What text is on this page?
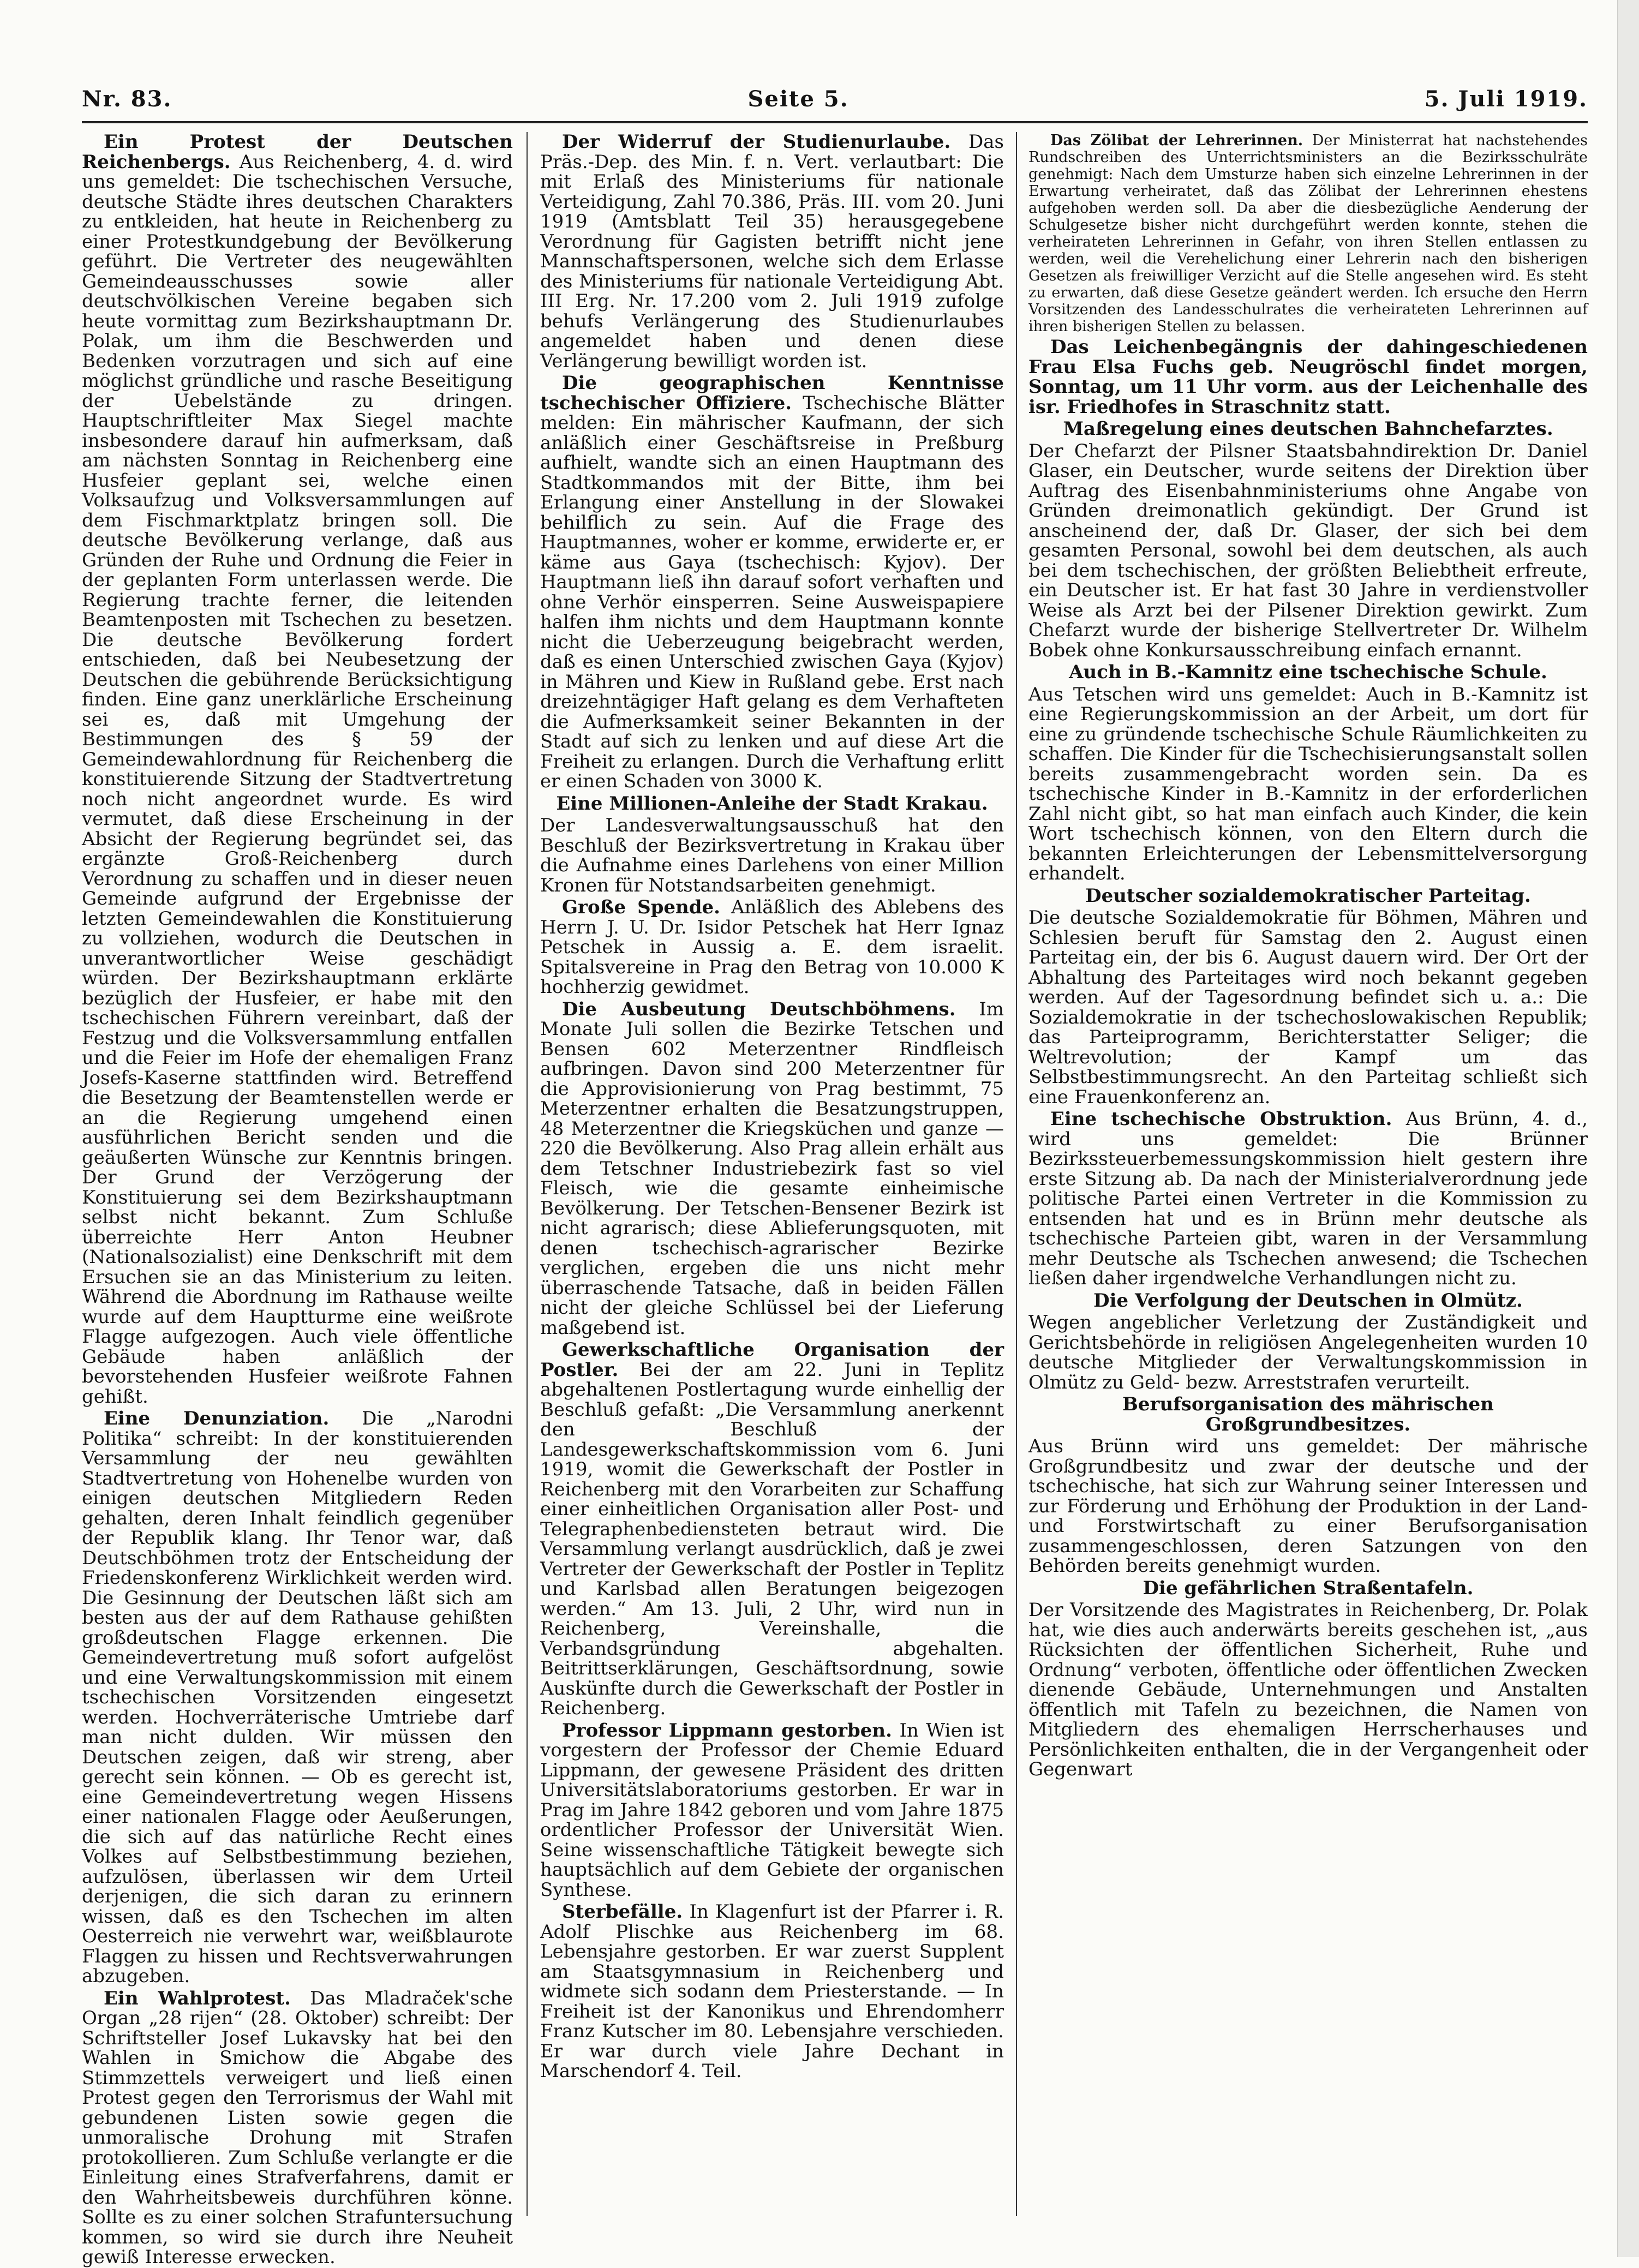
Nr. 83.	Seite 5.	5. Juli 1919.

Ein Protest der Deutschen Reichenbergs. Aus Reichenberg, 4. d. wird uns gemeldet: Die tschechischen Versuche, deutsche Städte ihres deutschen Charakters zu entkleiden, hat heute in Reichenberg zu einer Protestkundgebung der Bevölkerung geführt. Die Vertreter des neugewählten Gemeindeausschusses sowie aller deutschvölkischen Vereine begaben sich heute vormittag zum Bezirkshauptmann Dr. Polak, um ihm die Beschwerden und Bedenken vorzutragen und sich auf eine möglichst gründliche und rasche Beseitigung der Uebelstände zu dringen. Hauptschriftleiter Max Siegel machte insbesondere darauf hin aufmerksam, daß am nächsten Sonntag in Reichenberg eine Husfeier geplant sei, welche einen Volksaufzug und Volksversammlungen auf dem Fischmarktplatz bringen soll. Die deutsche Bevölkerung verlange, daß aus Gründen der Ruhe und Ordnung die Feier in der geplanten Form unterlassen werde. Die Regierung trachte ferner, die leitenden Beamtenposten mit Tschechen zu besetzen. Die deutsche Bevölkerung fordert entschieden, daß bei Neubesetzung der Deutschen die gebührende Berücksichtigung finden. Eine ganz unerklärliche Erscheinung sei es, daß mit Umgehung der Bestimmungen des § 59 der Gemeindewahlordnung für Reichenberg die konstituierende Sitzung der Stadtvertretung noch nicht angeordnet wurde. Es wird vermutet, daß diese Erscheinung in der Absicht der Regierung begründet sei, das ergänzte Groß-Reichenberg durch Verordnung zu schaffen und in dieser neuen Gemeinde aufgrund der Ergebnisse der letzten Gemeindewahlen die Konstituierung zu vollziehen, wodurch die Deutschen in unverantwortlicher Weise geschädigt würden. Der Bezirkshauptmann erklärte bezüglich der Husfeier, er habe mit den tschechischen Führern vereinbart, daß der Festzug und die Volksversammlung entfallen und die Feier im Hofe der ehemaligen Franz Josefs-Kaserne stattfinden wird. Betreffend die Besetzung der Beamtenstellen werde er an die Regierung umgehend einen ausführlichen Bericht senden und die geäußerten Wünsche zur Kenntnis bringen. Der Grund der Verzögerung der Konstituierung sei dem Bezirkshauptmann selbst nicht bekannt. Zum Schluße überreichte Herr Anton Heubner (Nationalsozialist) eine Denkschrift mit dem Ersuchen sie an das Ministerium zu leiten. Während die Abordnung im Rathause weilte wurde auf dem Hauptturme eine weißrote Flagge aufgezogen. Auch viele öffentliche Gebäude haben anläßlich der bevorstehenden Husfeier weißrote Fahnen gehißt.

Eine Denunziation. Die „Narodni Politika“ schreibt: In der konstituierenden Versammlung der neu gewählten Stadtvertretung von Hohenelbe wurden von einigen deutschen Mitgliedern Reden gehalten, deren Inhalt feindlich gegenüber der Republik klang. Ihr Tenor war, daß Deutschböhmen trotz der Entscheidung der Friedenskonferenz Wirklichkeit werden wird. Die Gesinnung der Deutschen läßt sich am besten aus der auf dem Rathause gehißten großdeutschen Flagge erkennen. Die Gemeindevertretung muß sofort aufgelöst und eine Verwaltungskommission mit einem tschechischen Vorsitzenden eingesetzt werden. Hochverräterische Umtriebe darf man nicht dulden. Wir müssen den Deutschen zeigen, daß wir streng, aber gerecht sein können. — Ob es gerecht ist, eine Gemeindevertretung wegen Hissens einer nationalen Flagge oder Aeußerungen, die sich auf das natürliche Recht eines Volkes auf Selbstbestimmung beziehen, aufzulösen, überlassen wir dem Urteil derjenigen, die sich daran zu erinnern wissen, daß es den Tschechen im alten Oesterreich nie verwehrt war, weißblaurote Flaggen zu hissen und Rechtsverwahrungen abzugeben.

Ein Wahlprotest. Das Mladraček'sche Organ „28 rijen“ (28. Oktober) schreibt: Der Schriftsteller Josef Lukavsky hat bei den Wahlen in Smichow die Abgabe des Stimmzettels verweigert und ließ einen Protest gegen den Terrorismus der Wahl mit gebundenen Listen sowie gegen die unmoralische Drohung mit Strafen protokollieren. Zum Schluße verlangte er die Einleitung eines Strafverfahrens, damit er den Wahrheitsbeweis durchführen könne. Sollte es zu einer solchen Strafuntersuchung kommen, so wird sie durch ihre Neuheit gewiß Interesse erwecken.

Der Widerruf der Studienurlaube. Das Präs.-Dep. des Min. f. n. Vert. verlautbart: Die mit Erlaß des Ministeriums für nationale Verteidigung, Zahl 70.386, Präs. III. vom 20. Juni 1919 (Amtsblatt Teil 35) herausgegebene Verordnung für Gagisten betrifft nicht jene Mannschaftspersonen, welche sich dem Erlasse des Ministeriums für nationale Verteidigung Abt. III Erg. Nr. 17.200 vom 2. Juli 1919 zufolge behufs Verlängerung des Studienurlaubes angemeldet haben und denen diese Verlängerung bewilligt worden ist.

Die geographischen Kenntnisse tschechischer Offiziere. Tschechische Blätter melden: Ein mährischer Kaufmann, der sich anläßlich einer Geschäftsreise in Preßburg aufhielt, wandte sich an einen Hauptmann des Stadtkommandos mit der Bitte, ihm bei Erlangung einer Anstellung in der Slowakei behilflich zu sein. Auf die Frage des Hauptmannes, woher er komme, erwiderte er, er käme aus Gaya (tschechisch: Kyjov). Der Hauptmann ließ ihn darauf sofort verhaften und ohne Verhör einsperren. Seine Ausweispapiere halfen ihm nichts und dem Hauptmann konnte nicht die Ueberzeugung beigebracht werden, daß es einen Unterschied zwischen Gaya (Kyjov) in Mähren und Kiew in Rußland gebe. Erst nach dreizehntägiger Haft gelang es dem Verhafteten die Aufmerksamkeit seiner Bekannten in der Stadt auf sich zu lenken und auf diese Art die Freiheit zu erlangen. Durch die Verhaftung erlitt er einen Schaden von 3000 K.

Eine Millionen-Anleihe der Stadt Krakau.

Der Landesverwaltungsausschuß hat den Beschluß der Bezirksvertretung in Krakau über die Aufnahme eines Darlehens von einer Million Kronen für Notstandsarbeiten genehmigt.

Große Spende. Anläßlich des Ablebens des Herrn J. U. Dr. Isidor Petschek hat Herr Ignaz Petschek in Aussig a. E. dem israelit. Spitalsvereine in Prag den Betrag von 10.000 K hochherzig gewidmet.

Die Ausbeutung Deutschböhmens. Im Monate Juli sollen die Bezirke Tetschen und Bensen 602 Meterzentner Rindfleisch aufbringen. Davon sind 200 Meterzentner für die Approvisionierung von Prag bestimmt, 75 Meterzentner erhalten die Besatzungstruppen, 48 Meterzentner die Kriegsküchen und ganze — 220 die Bevölkerung. Also Prag allein erhält aus dem Tetschner Industriebezirk fast so viel Fleisch, wie die gesamte einheimische Bevölkerung. Der Tetschen-Bensener Bezirk ist nicht agrarisch; diese Ablieferungsquoten, mit denen tschechisch-agrarischer Bezirke verglichen, ergeben die uns nicht mehr überraschende Tatsache, daß in beiden Fällen nicht der gleiche Schlüssel bei der Lieferung maßgebend ist.

Gewerkschaftliche Organisation der Postler. Bei der am 22. Juni in Teplitz abgehaltenen Postlertagung wurde einhellig der Beschluß gefaßt: „Die Versammlung anerkennt den Beschluß der Landesgewerkschaftskommission vom 6. Juni 1919, womit die Gewerkschaft der Postler in Reichenberg mit den Vorarbeiten zur Schaffung einer einheitlichen Organisation aller Post- und Telegraphenbediensteten betraut wird. Die Versammlung verlangt ausdrücklich, daß je zwei Vertreter der Gewerkschaft der Postler in Teplitz und Karlsbad allen Beratungen beigezogen werden.“ Am 13. Juli, 2 Uhr, wird nun in Reichenberg, Vereinshalle, die Verbandsgründung abgehalten. Beitrittserklärungen, Geschäftsordnung, sowie Auskünfte durch die Gewerkschaft der Postler in Reichenberg.

Professor Lippmann gestorben. In Wien ist vorgestern der Professor der Chemie Eduard Lippmann, der gewesene Präsident des dritten Universitätslaboratoriums gestorben. Er war in Prag im Jahre 1842 geboren und vom Jahre 1875 ordentlicher Professor der Universität Wien. Seine wissenschaftliche Tätigkeit bewegte sich hauptsächlich auf dem Gebiete der organischen Synthese.

Sterbefälle. In Klagenfurt ist der Pfarrer i. R. Adolf Plischke aus Reichenberg im 68. Lebensjahre gestorben. Er war zuerst Supplent am Staatsgymnasium in Reichenberg und widmete sich sodann dem Priesterstande. — In Freiheit ist der Kanonikus und Ehrendomherr Franz Kutscher im 80. Lebensjahre verschieden. Er war durch viele Jahre Dechant in Marschendorf 4. Teil.

Das Zölibat der Lehrerinnen. Der Ministerrat hat nachstehendes Rundschreiben des Unterrichtsministers an die Bezirksschulräte genehmigt: Nach dem Umsturze haben sich einzelne Lehrerinnen in der Erwartung verheiratet, daß das Zölibat der Lehrerinnen ehestens aufgehoben werden soll. Da aber die diesbezügliche Aenderung der Schulgesetze bisher nicht durchgeführt werden konnte, stehen die verheirateten Lehrerinnen in Gefahr, von ihren Stellen entlassen zu werden, weil die Verehelichung einer Lehrerin nach den bisherigen Gesetzen als freiwilliger Verzicht auf die Stelle angesehen wird. Es steht zu erwarten, daß diese Gesetze geändert werden. Ich ersuche den Herrn Vorsitzenden des Landesschulrates die verheirateten Lehrerinnen auf ihren bisherigen Stellen zu belassen.

Das Leichenbegängnis der dahingeschiedenen Frau Elsa Fuchs geb. Neugröschl findet morgen, Sonntag, um 11 Uhr vorm. aus der Leichenhalle des isr. Friedhofes in Straschnitz statt.

Maßregelung eines deutschen Bahnchefarztes.

Der Chefarzt der Pilsner Staatsbahndirektion Dr. Daniel Glaser, ein Deutscher, wurde seitens der Direktion über Auftrag des Eisenbahnministeriums ohne Angabe von Gründen dreimonatlich gekündigt. Der Grund ist anscheinend der, daß Dr. Glaser, der sich bei dem gesamten Personal, sowohl bei dem deutschen, als auch bei dem tschechischen, der größten Beliebtheit erfreute, ein Deutscher ist. Er hat fast 30 Jahre in verdienstvoller Weise als Arzt bei der Pilsener Direktion gewirkt. Zum Chefarzt wurde der bisherige Stellvertreter Dr. Wilhelm Bobek ohne Konkursausschreibung einfach ernannt.

Auch in B.-Kamnitz eine tschechische Schule.

Aus Tetschen wird uns gemeldet: Auch in B.-Kamnitz ist eine Regierungskommission an der Arbeit, um dort für eine zu gründende tschechische Schule Räumlichkeiten zu schaffen. Die Kinder für die Tschechisierungsanstalt sollen bereits zusammengebracht worden sein. Da es tschechische Kinder in B.-Kamnitz in der erforderlichen Zahl nicht gibt, so hat man einfach auch Kinder, die kein Wort tschechisch können, von den Eltern durch die bekannten Erleichterungen der Lebensmittelversorgung erhandelt.

Deutscher sozialdemokratischer Parteitag.

Die deutsche Sozialdemokratie für Böhmen, Mähren und Schlesien beruft für Samstag den 2. August einen Parteitag ein, der bis 6. August dauern wird. Der Ort der Abhaltung des Parteitages wird noch bekannt gegeben werden. Auf der Tagesordnung befindet sich u. a.: Die Sozialdemokratie in der tschechoslowakischen Republik; das Parteiprogramm, Berichterstatter Seliger; die Weltrevolution; der Kampf um das Selbstbestimmungsrecht. An den Parteitag schließt sich eine Frauenkonferenz an.

Eine tschechische Obstruktion. Aus Brünn, 4. d., wird uns gemeldet: Die Brünner Bezirkssteuerbemessungskommission hielt gestern ihre erste Sitzung ab. Da nach der Ministerialverordnung jede politische Partei einen Vertreter in die Kommission zu entsenden hat und es in Brünn mehr deutsche als tschechische Parteien gibt, waren in der Versammlung mehr Deutsche als Tschechen anwesend; die Tschechen ließen daher irgendwelche Verhandlungen nicht zu.

Die Verfolgung der Deutschen in Olmütz.

Wegen angeblicher Verletzung der Zuständigkeit und Gerichtsbehörde in religiösen Angelegenheiten wurden 10 deutsche Mitglieder der Verwaltungskommission in Olmütz zu Geld- bezw. Arreststrafen verurteilt.

Berufsorganisation des mährischen Großgrundbesitzes.

Aus Brünn wird uns gemeldet: Der mährische Großgrundbesitz und zwar der deutsche und der tschechische, hat sich zur Wahrung seiner Interessen und zur Förderung und Erhöhung der Produktion in der Land- und Forstwirtschaft zu einer Berufsorganisation zusammengeschlossen, deren Satzungen von den Behörden bereits genehmigt wurden.

Die gefährlichen Straßentafeln.

Der Vorsitzende des Magistrates in Reichenberg, Dr. Polak hat, wie dies auch anderwärts bereits geschehen ist, „aus Rücksichten der öffentlichen Sicherheit, Ruhe und Ordnung“ verboten, öffentliche oder öffentlichen Zwecken dienende Gebäude, Unternehmungen und Anstalten öffentlich mit Tafeln zu bezeichnen, die Namen von Mitgliedern des ehemaligen Herrscherhauses und Persönlichkeiten enthalten, die in der Vergangenheit oder Gegenwart
